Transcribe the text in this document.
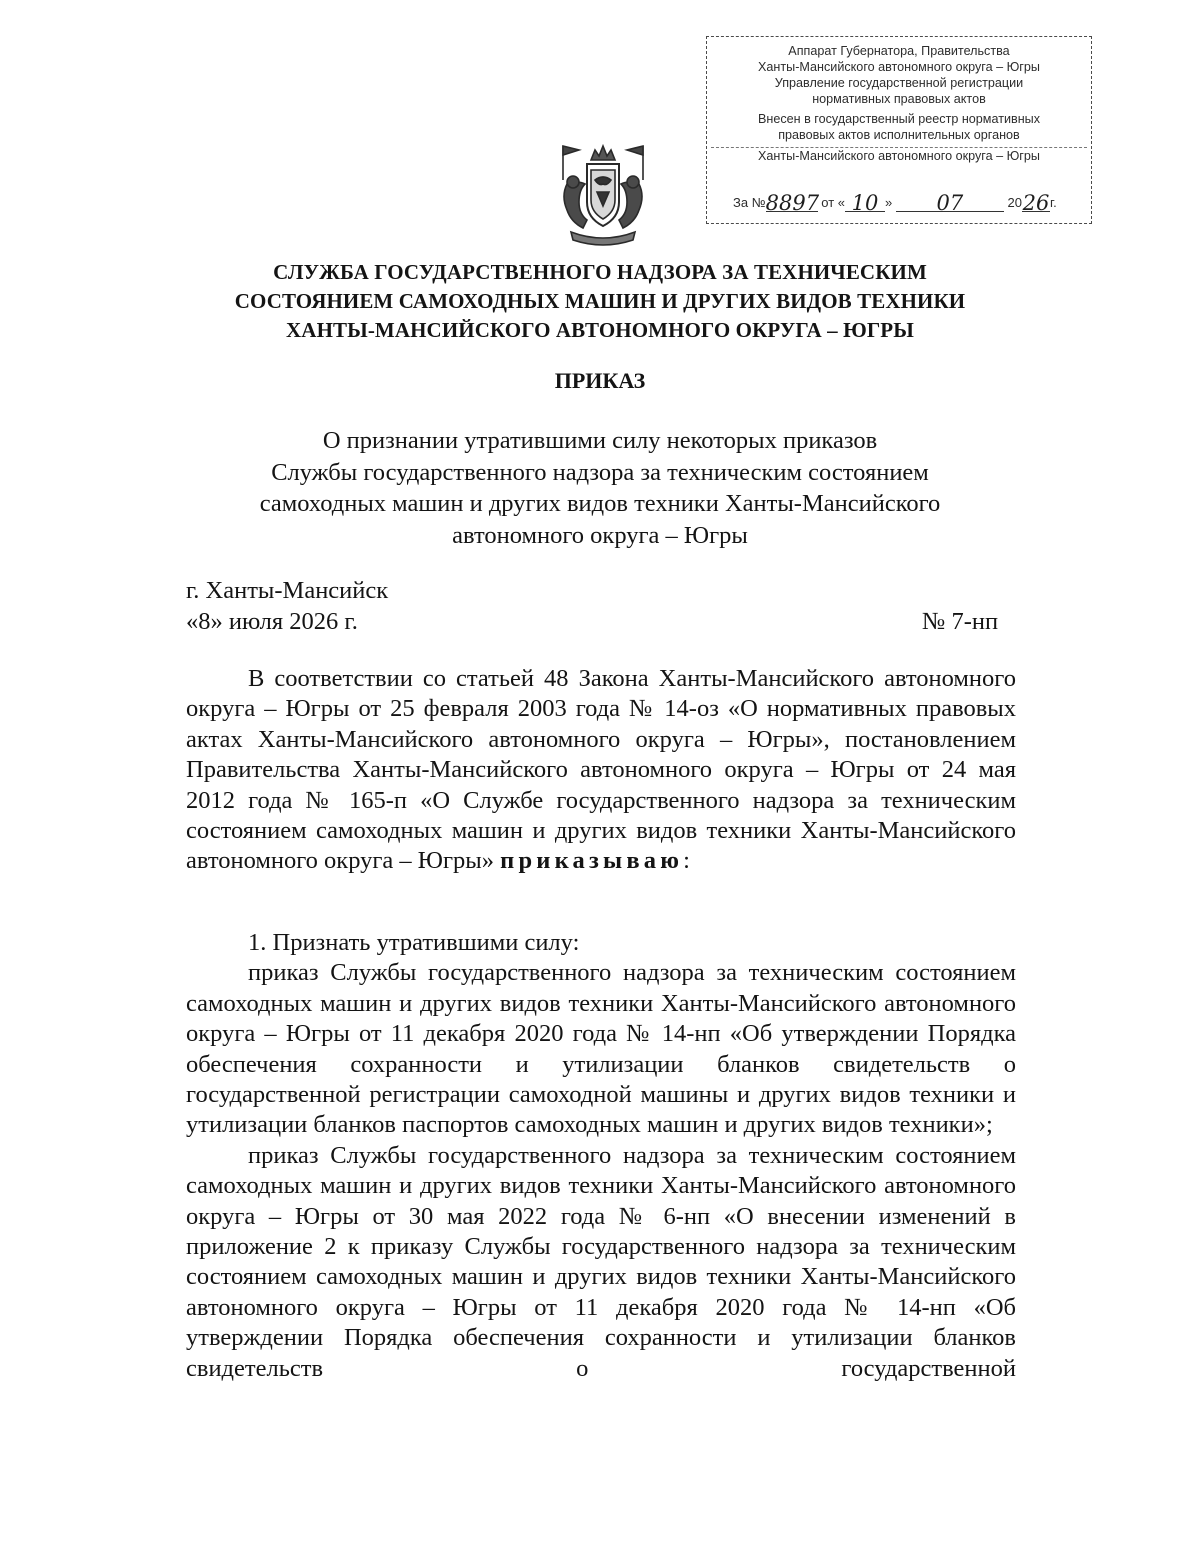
Аппарат Губернатора, Правительства
Ханты-Мансийского автономного округа – Югры
Управление государственной регистрации
нормативных правовых актов
Внесен в государственный реестр нормативных
правовых актов исполнительных органов
Ханты-Мансийского автономного округа – Югры
За №8897 от « 10 » 07	2026г.
СЛУЖБА ГОСУДАРСТВЕННОГО НАДЗОРА ЗА ТЕХНИЧЕСКИМ
СОСТОЯНИЕМ САМОХОДНЫХ МАШИН И ДРУГИХ ВИДОВ ТЕХНИКИ
ХАНТЫ-МАНСИЙСКОГО АВТОНОМНОГО ОКРУГА – ЮГРЫ
ПРИКАЗ
О признании утратившими силу некоторых приказов
Службы государственного надзора за техническим состоянием
самоходных машин и других видов техники Ханты-Мансийского
автономного округа – Югры
г. Ханты-Мансийск
«8» июля 2026 г.	№ 7-нп

В соответствии со статьей 48 Закона Ханты-Мансийского автономного округа – Югры от 25 февраля 2003 года № 14-оз «О нормативных правовых актах Ханты-Мансийского автономного округа – Югры», постановлением Правительства Ханты-Мансийского автономного округа – Югры от 24 мая 2012 года № 165-п «О Службе государственного надзора за техническим состоянием самоходных машин и других видов техники Ханты-Мансийского автономного округа – Югры» приказываю:

1. Признать утратившими силу:

приказ Службы государственного надзора за техническим состоянием самоходных машин и других видов техники Ханты-Мансийского автономного округа – Югры от 11 декабря 2020 года № 14-нп «Об утверждении Порядка обеспечения сохранности и утилизации бланков свидетельств о государственной регистрации самоходной машины и других видов техники и утилизации бланков паспортов самоходных машин и других видов техники»;

приказ Службы государственного надзора за техническим состоянием самоходных машин и других видов техники Ханты-Мансийского автономного округа – Югры от 30 мая 2022 года № 6-нп «О внесении изменений в приложение 2 к приказу Службы государственного надзора за техническим состоянием самоходных машин и других видов техники Ханты-Мансийского автономного округа – Югры от 11 декабря 2020 года № 14-нп «Об утверждении Порядка обеспечения сохранности и утилизации бланков свидетельств о государственной
